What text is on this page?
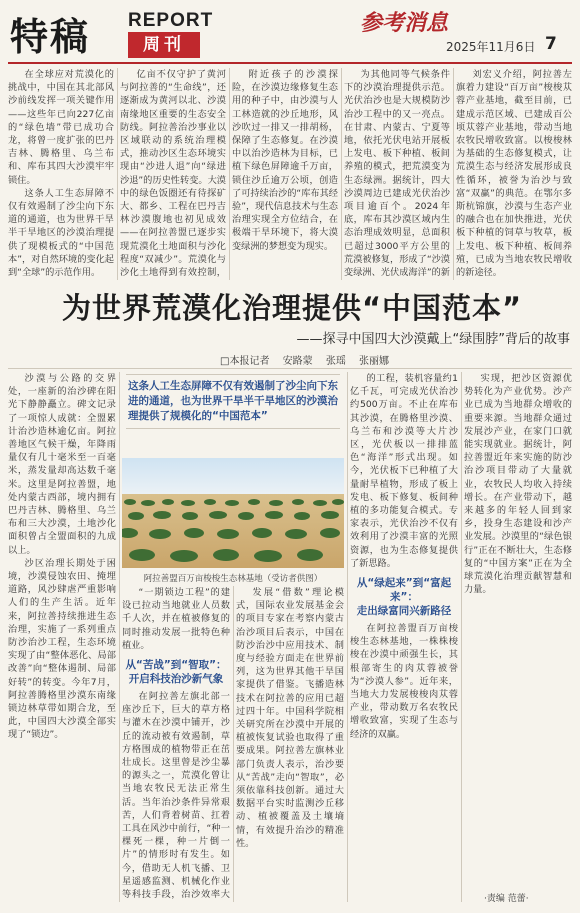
特稿 REPORT
周刊
参考消息
2025年11月6日 7

在全球应对荒漠化的挑战中，中国在其北部风沙前线发挥一项关键作用——这些年已向227亿亩的“绿色墙”带已成功合龙，将曾一度扩张的巴丹吉林、腾格里、乌兰布和、库布其四大沙漠牢牢锁住。

这条人工生态屏障不仅有效遏制了沙尘向下东道的通道，也为世界干旱半干旱地区的沙漠治理提供了现模板式的“中国范本”，对自然环境的变化起到“全球”的示范作用。

亿亩不仅守护了黄河与阿拉善的“生命线”，还逐渐成为黄河以北、沙漠南缘地区重要的生态安全防线。阿拉善治沙事业以区域联动的系统治理模式，推动沙区生态环境实现由“沙进人退”向“绿进沙退”的历史性转变。大漠中的绿色饭圈还有待探矿大、都乡、工程在巴丹吉林沙漠腹地也初见成效——在阿拉善盟已逐步实现荒漠化土地面积与沙化程度“双减少”。荒漠化与沙化土地得到有效控制，

附近孩子的沙漠探险，在沙漠边缘修复生态用的种子中，由沙漠与人工林造就的沙丘地形，风沙吹过一排又一排胡杨，保障了生态修复。在沙漠中以治沙造林为目标，已植下绿色屏障逾千万亩，锁住沙丘逾万公顷，创造了可持续治沙的“库布其经验”，现代信息技术与生态治理实现全方位结合，在极端干旱环境下，将大漠变绿洲的梦想变为现实。

为其他同等气候条件下的沙漠治理提供示范。光伏治沙也是大规模防沙治沙工程中的又一亮点。在甘肃、内蒙古、宁夏等地，依托光伏电站开展板上发电、板下种植、板间养殖的模式，把荒漠变为生态绿洲。据统计，四大沙漠周边已建成光伏治沙项目逾百个。2024年底，库布其沙漠区域内生态治理成效明显，总面积已超过3000平方公里的荒漠被修复，形成了“沙漠变绿洲、光伏成海洋”的新

刘宏义介绍，阿拉善左旗着力建设“百万亩”梭梭苁蓉产业基地，截至目前，已建成示范区域、已建成百公顷苁蓉产业基地，带动当地农牧民增收致富。以梭梭林为基础的生态修复模式，让荒漠生态与经济发展形成良性循环，被誉为治沙与致富“双赢”的典范。在鄂尔多斯杭锦旗，沙漠与生态产业的融合也在加快推进，光伏板下种植的饲草与牧草，板上发电、板下种植、板间养殖，已成为当地农牧民增收的新途径。

为世界荒漠化治理提供“中国范本”
——探寻中国四大沙漠戴上“绿围脖”背后的故事
□本报记者 安路蒙 张瑶 张丽娜

沙漠与公路的交界处，一座新的治沙碑在阳光下静静矗立。碑文记录了一项惊人成就：全盟累计治沙造林逾亿亩。阿拉善地区气候干燥，年降雨量仅有几十毫米至一百毫米，蒸发量却高达数千毫米。这里是阿拉善盟，地处内蒙古西部，境内拥有巴丹吉林、腾格里、乌兰布和三大沙漠，土地沙化面积曾占全盟面积的九成以上。

沙区治理长期处于困境，沙漠侵蚀农田、掩埋道路，风沙肆虐严重影响人们的生产生活。近年来，阿拉善持续推进生态治理，实施了一系列重点防沙治沙工程，生态环境实现了由“整体恶化、局部改善”向“整体遏制、局部好转”的转变。今年7月，阿拉善腾格里沙漠东南缘锁边林草带如期合龙，至此，中国四大沙漠全部实现了“锁边”。

这条人工生态屏障不仅有效遏制了沙尘向下东进的通道，也为世界干旱半干旱地区的沙漠治理提供了规模化的“中国范本”
阿拉善盟百万亩梭梭生态林基地（受访者供图）

“一期锁边工程”的建设已拉动当地就业人员数千人次，并在植被修复的同时推动发展一批特色种植业。

从“苦战”到“智取”：
开启科技治沙新气象

在阿拉善左旗北部一座沙丘下，巨大的草方格与灌木在沙漠中铺开，沙丘的流动被有效遏制，草方格围成的植物带正在茁壮成长。这里曾是沙尘暴的源头之一，荒漠化曾让当地农牧民无法正常生活。当年治沙条件异常艰苦，人们背着树苗、扛着工具在风沙中前行，“种一棵死一棵，种一片倒一片”的情形时有发生。如今，借助无人机飞播、卫星遥感监测、机械化作业等科技手段，治沙效率大

发展“借数”理论模式，国际农业发展基金会的项目专家在考察内蒙古治沙项目后表示，中国在防沙治沙中应用技术、制度与经验方面走在世界前列，这为世界其他干旱国家提供了借鉴。飞播造林技术在阿拉善的应用已超过四十年。中国科学院相关研究所在沙漠中开展的植被恢复试验也取得了重要成果。阿拉善左旗林业部门负责人表示，治沙要从“苦战”走向“智取”，必须依靠科技创新。通过大数据平台实时监测沙丘移动、植被覆盖及土壤墒情，有效提升治沙的精准性。

的工程，装机容量约1亿千瓦，可完成光伏治沙约500万亩。不止在库布其沙漠，在腾格里沙漠、乌兰布和沙漠等大片沙区，光伏板以一排排蓝色“海洋”形式出现。如今，光伏板下已种植了大量耐旱植物，形成了板上发电、板下修复、板间种植的多功能复合模式。专家表示，光伏治沙不仅有效利用了沙漠丰富的光照资源，也为生态修复提供了新思路。

从“绿起来”到“富起来”：
走出绿富同兴新路径

在阿拉善盟百万亩梭梭生态林基地，一株株梭梭在沙漠中顽强生长，其根部寄生的肉苁蓉被誉为“沙漠人参”。近年来，当地大力发展梭梭肉苁蓉产业，带动数万名农牧民增收致富，实现了生态与经济的双赢。

实现，把沙区资源优势转化为产业优势。沙产业已成为当地群众增收的重要来源。当地群众通过发展沙产业，在家门口就能实现就业。据统计，阿拉善盟近年来实施的防沙治沙项目带动了大量就业，农牧民人均收入持续增长。在产业带动下，越来越多的年轻人回到家乡，投身生态建设和沙产业发展。沙漠里的“绿色银行”正在不断壮大，生态修复的“中国方案”正在为全球荒漠化治理贡献智慧和力量。

·责编 范蕾·
